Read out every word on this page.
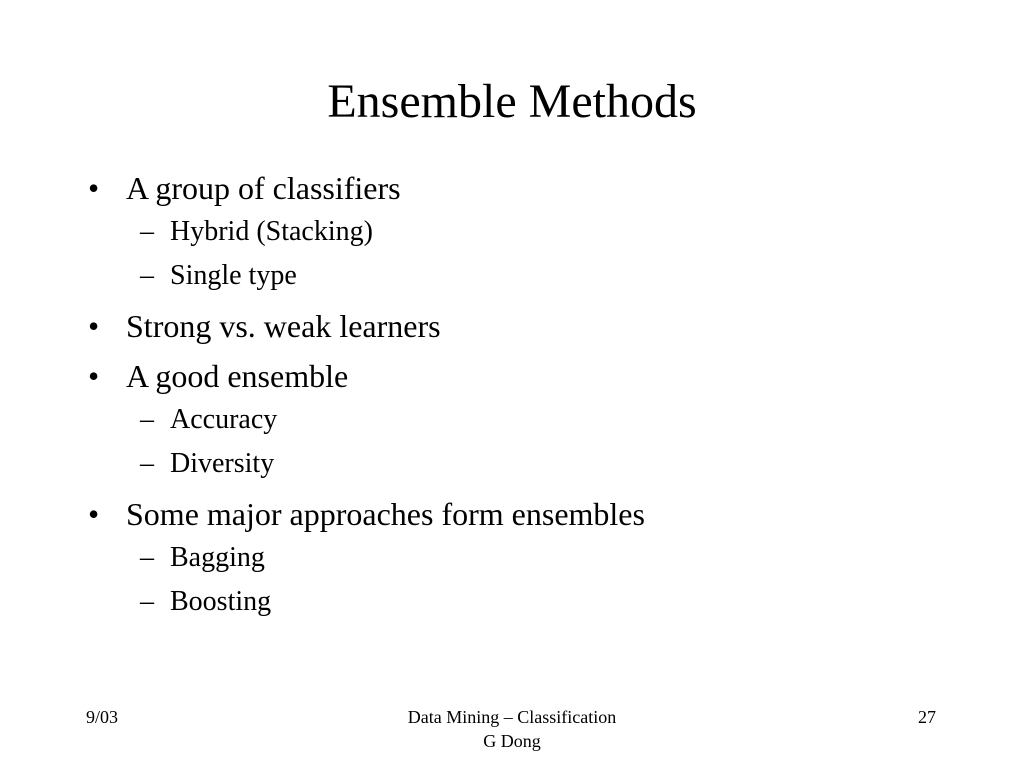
Ensemble Methods
• A group of classifiers
– Hybrid (Stacking)
– Single type
• Strong vs. weak learners
• A good ensemble
– Accuracy
– Diversity
• Some major approaches form ensembles
– Bagging
– Boosting
9/03	Data Mining – Classification
G Dong
27
